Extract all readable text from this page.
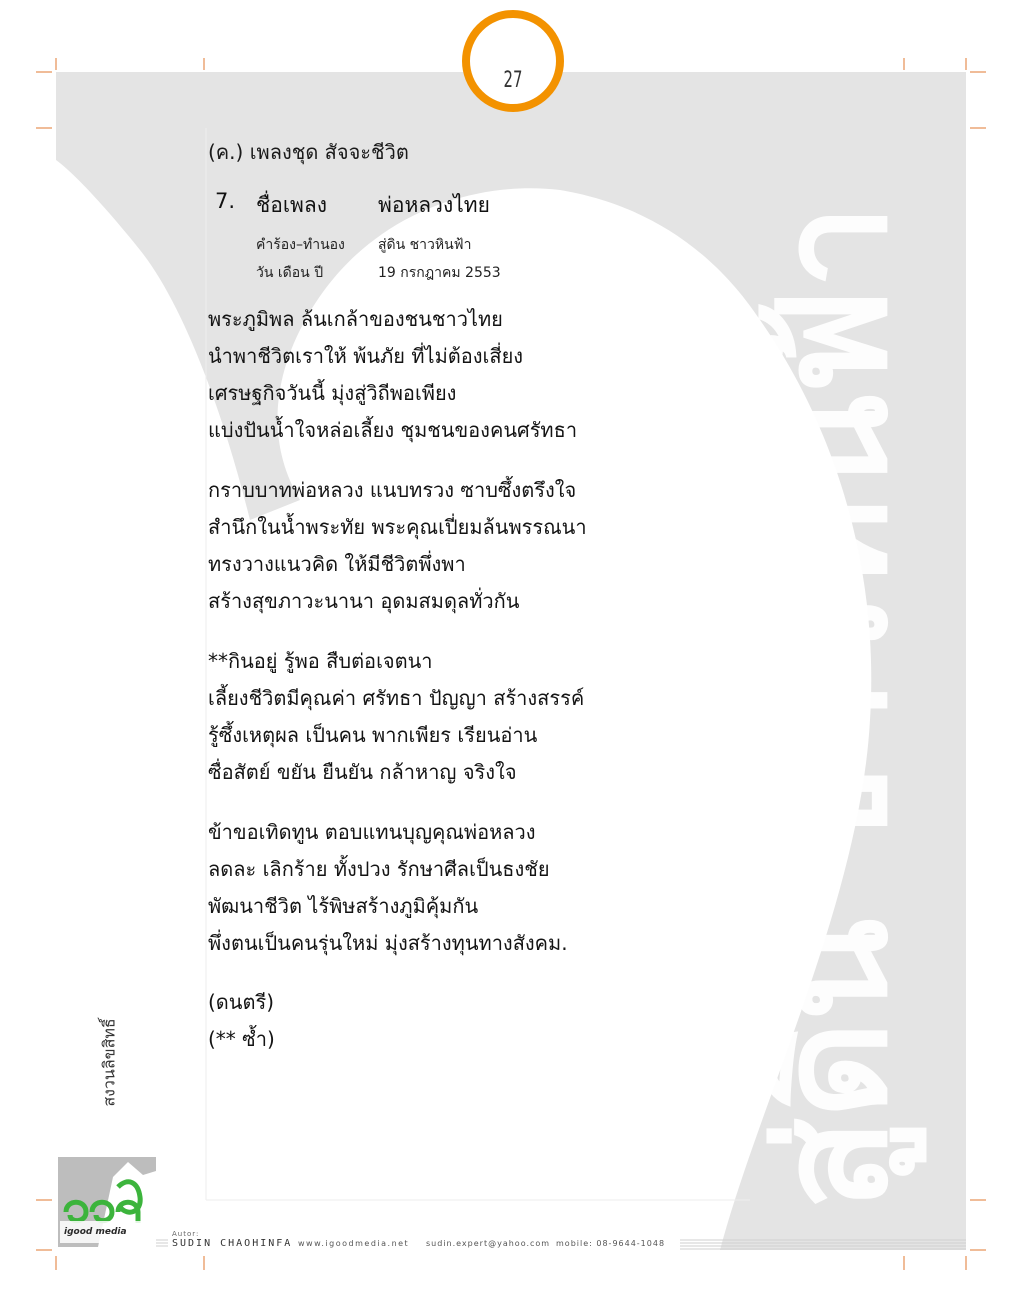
สู่ดิน ชาวหินฟ้า
27
(ค.) เพลงชุด สัจจะชีวิต
7. ชื่อเพลง พ่อหลวงไทย
คำร้อง–ทำนอง สู่ดิน ชาวหินฟ้า
วัน เดือน ปี	19 กรกฎาคม 2553
พระภูมิพล ล้นเกล้าของชนชาวไทย
นำพาชีวิตเราให้ พ้นภัย ที่ไม่ต้องเสี่ยง
เศรษฐกิจวันนี้ มุ่งสู่วิถีพอเพียง
แบ่งปันน้ำใจหล่อเลี้ยง ชุมชนของคนศรัทธา
กราบบาทพ่อหลวง แนบทรวง ซาบซึ้งตรึงใจ
สำนึกในน้ำพระทัย พระคุณเปี่ยมล้นพรรณนา
ทรงวางแนวคิด ให้มีชีวิตพึ่งพา
สร้างสุขภาวะนานา อุดมสมดุลทั่วกัน
**กินอยู่ รู้พอ สืบต่อเจตนา
เลี้ยงชีวิตมีคุณค่า ศรัทธา ปัญญา สร้างสรรค์
รู้ซึ้งเหตุผล เป็นคน พากเพียร เรียนอ่าน
ซื่อสัตย์ ขยัน ยืนยัน กล้าหาญ จริงใจ
ข้าขอเทิดทูน ตอบแทนบุญคุณพ่อหลวง
ลดละ เลิกร้าย ทั้งปวง รักษาศีลเป็นธงชัย
พัฒนาชีวิต ไร้พิษสร้างภูมิคุ้มกัน
พึ่งตนเป็นคนรุ่นใหม่ มุ่งสร้างทุนทางสังคม.
(ดนตรี)
(** ซ้ำ)
สงวนลิขสิทธิ์
igood media	Autor:
SUDIN CHAOHINFA www.igoodmedia.net sudin.expert@yahoo.com mobile: 08-9644-1048
